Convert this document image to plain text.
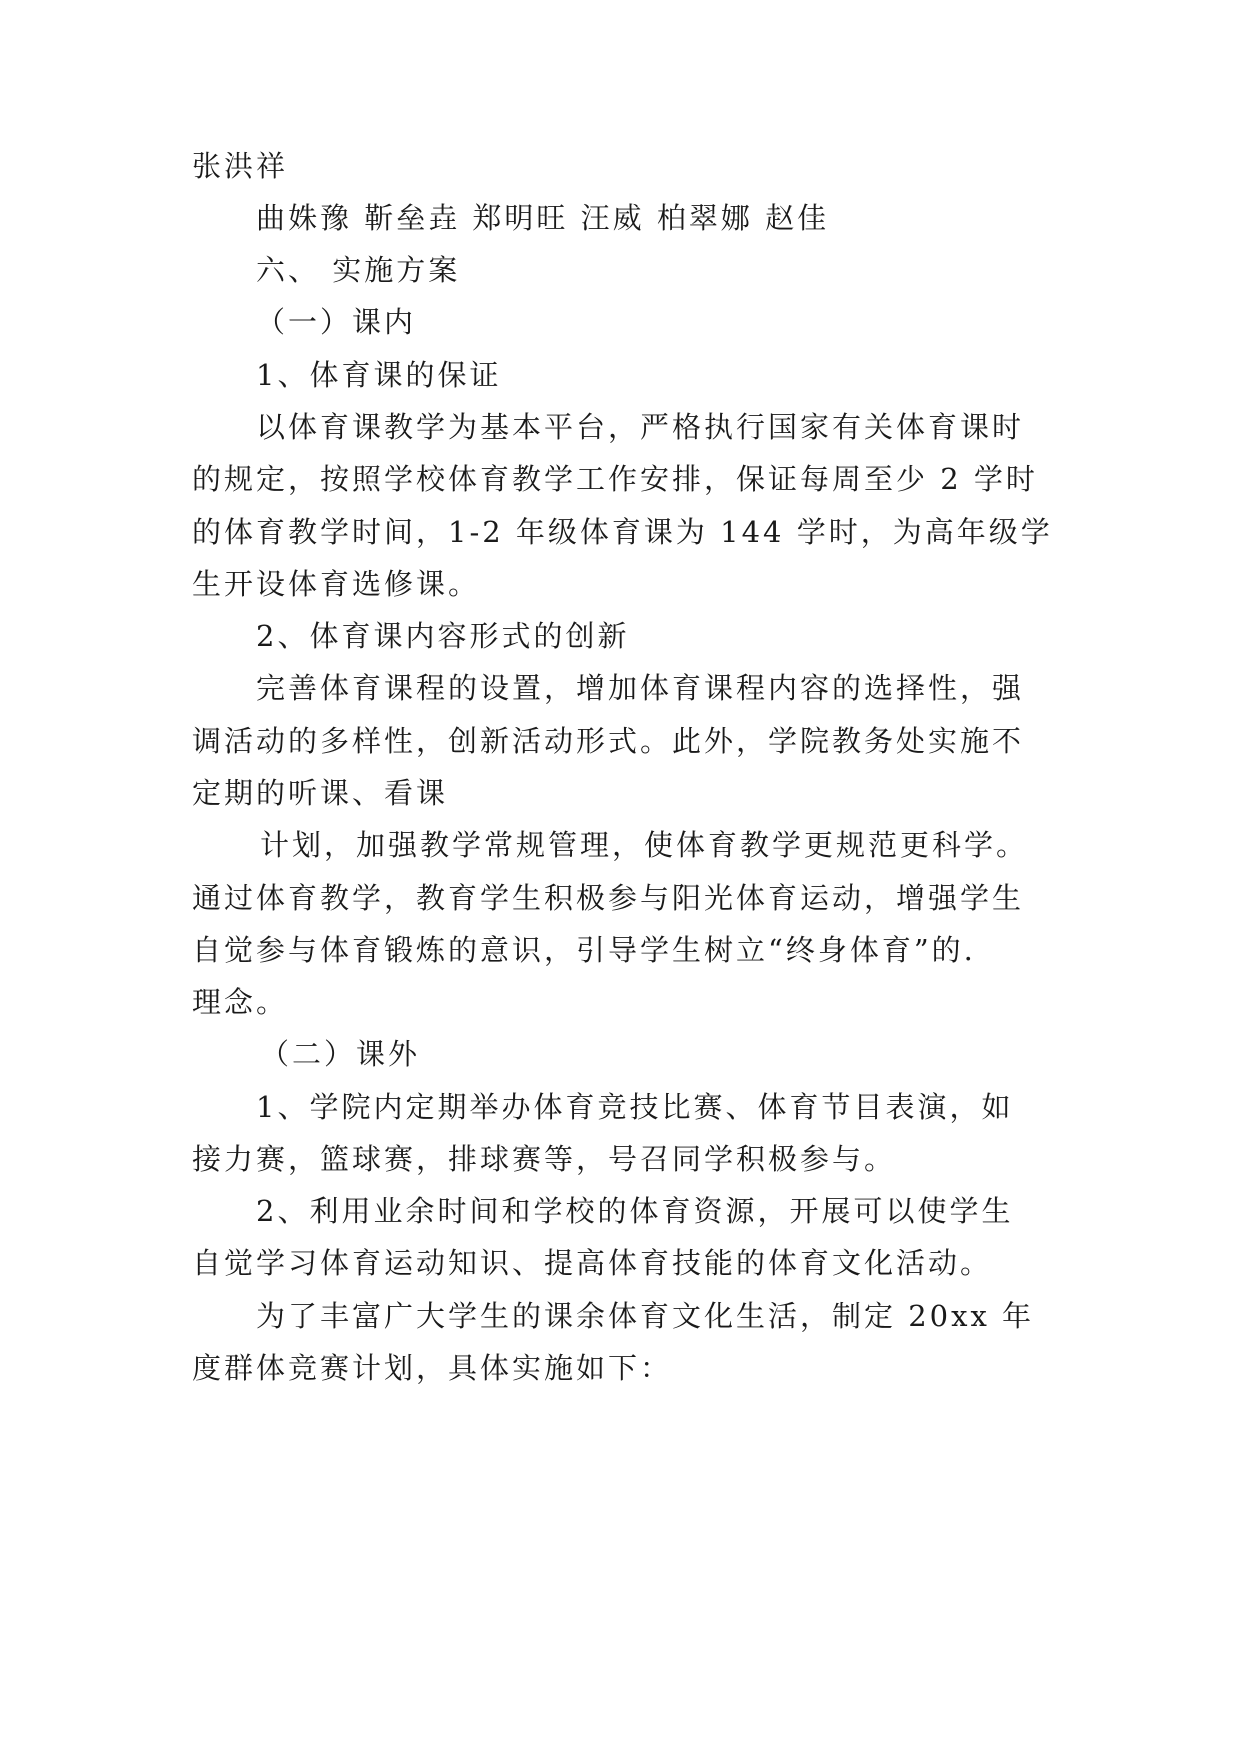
张洪祥

曲姝豫 靳垒垚 郑明旺 汪威 柏翠娜 赵佳

六、 实施方案

（一）课内

1、体育课的保证

以体育课教学为基本平台，严格执行国家有关体育课时

的规定，按照学校体育教学工作安排，保证每周至少 2 学时

的体育教学时间，1-2 年级体育课为 144 学时，为高年级学

生开设体育选修课。

2、体育课内容形式的创新

完善体育课程的设置，增加体育课程内容的选择性，强

调活动的多样性，创新活动形式。此外，学院教务处实施不

定期的听课、看课

计划，加强教学常规管理，使体育教学更规范更科学。

通过体育教学，教育学生积极参与阳光体育运动，增强学生

自觉参与体育锻炼的意识，引导学生树立“终身体育”的.

理念。

（二）课外

1、学院内定期举办体育竞技比赛、体育节目表演，如

接力赛，篮球赛，排球赛等，号召同学积极参与。

2、利用业余时间和学校的体育资源，开展可以使学生

自觉学习体育运动知识、提高体育技能的体育文化活动。

为了丰富广大学生的课余体育文化生活，制定 20xx 年

度群体竞赛计划，具体实施如下：
